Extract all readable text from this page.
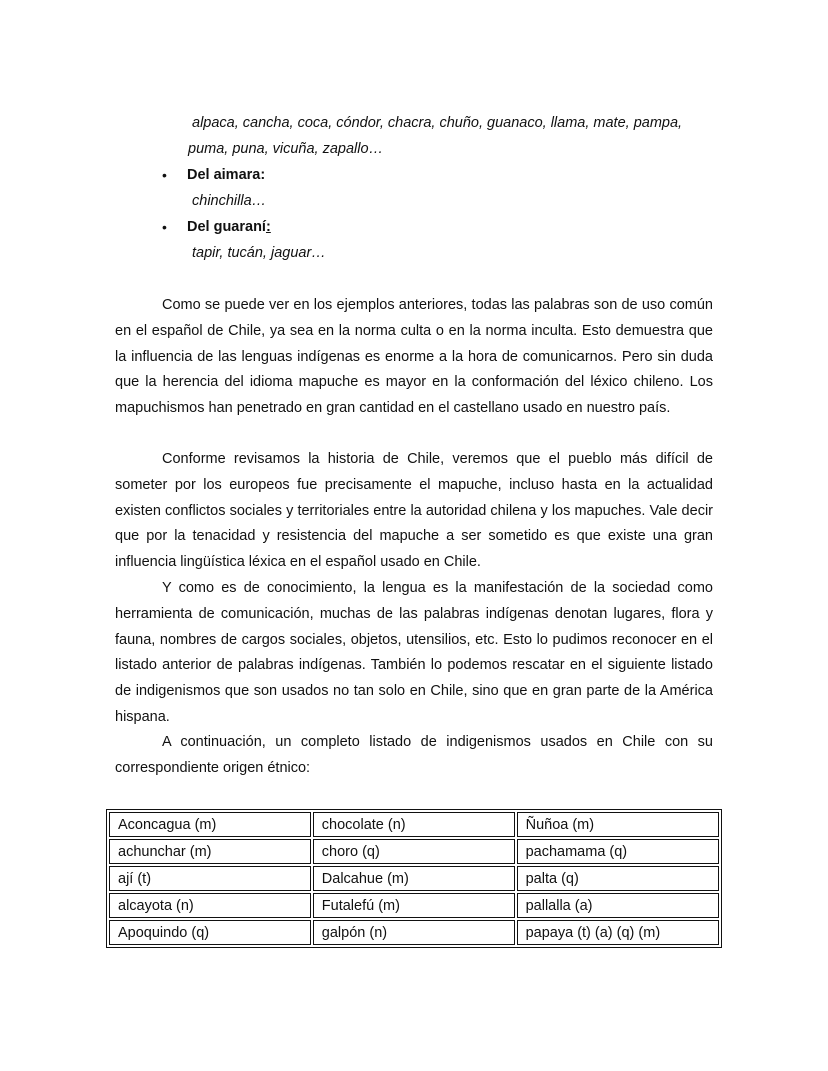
alpaca, cancha, coca, cóndor, chacra, chuño, guanaco, llama, mate, pampa,
puma, puna, vicuña, zapallo…
• Del aimara:
chinchilla…
• Del guaraní:
tapir, tucán, jaguar…

Como se puede ver en los ejemplos anteriores, todas las palabras son de uso común en el español de Chile, ya sea en la norma culta o en la norma inculta. Esto demuestra que la influencia de las lenguas indígenas es enorme a la hora de comunicarnos. Pero sin duda que la herencia del idioma mapuche es mayor en la conformación del léxico chileno. Los mapuchismos han penetrado en gran cantidad en el castellano usado en nuestro país.

Conforme revisamos la historia de Chile, veremos que el pueblo más difícil de someter por los europeos fue precisamente el mapuche, incluso hasta en la actualidad existen conflictos sociales y territoriales entre la autoridad chilena y los mapuches. Vale decir que por la tenacidad y resistencia del mapuche a ser sometido es que existe una gran influencia lingüística léxica en el español usado en Chile.

Y como es de conocimiento, la lengua es la manifestación de la sociedad como herramienta de comunicación, muchas de las palabras indígenas denotan lugares, flora y fauna, nombres de cargos sociales, objetos, utensilios, etc. Esto lo pudimos reconocer en el listado anterior de palabras indígenas. También lo podemos rescatar en el siguiente listado de indigenismos que son usados no tan solo en Chile, sino que en gran parte de la América hispana.

A continuación, un completo listado de indigenismos usados en Chile con su correspondiente origen étnico:

Aconcagua (m)	chocolate (n)	Ñuñoa (m)
achunchar (m)	choro (q)	pachamama (q)
ají (t)	Dalcahue (m)	palta (q)
alcayota (n)	Futalefú (m)	pallalla (a)
Apoquindo (q)	galpón (n)	papaya (t) (a) (q) (m)
